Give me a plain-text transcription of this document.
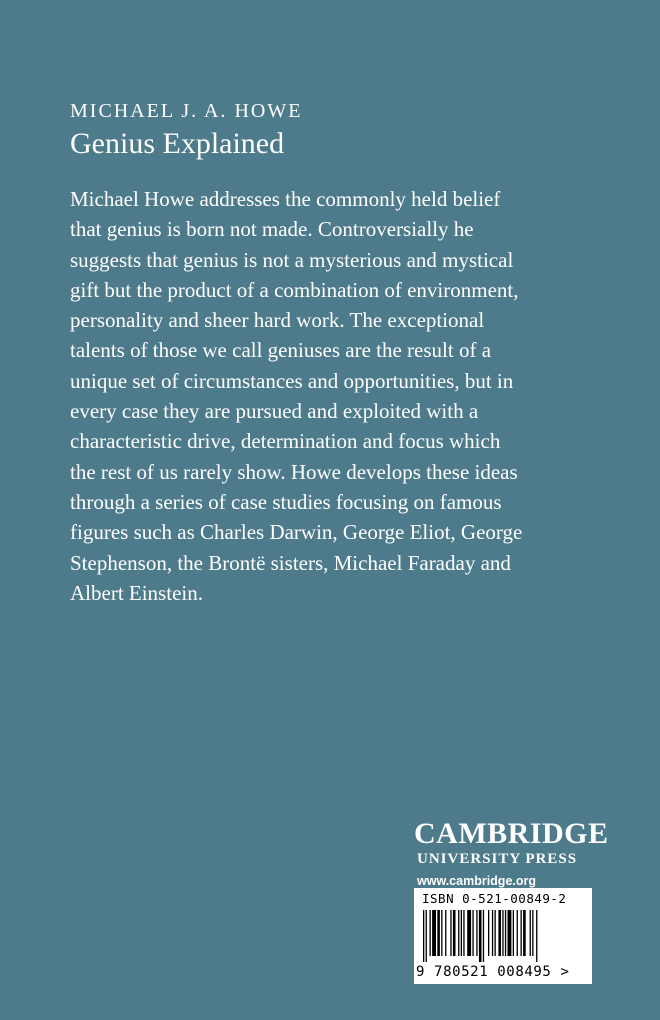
MICHAEL J. A. HOWE
Genius Explained
Michael Howe addresses the commonly held belief
that genius is born not made. Controversially he
suggests that genius is not a mysterious and mystical
gift but the product of a combination of environment,
personality and sheer hard work. The exceptional
talents of those we call geniuses are the result of a
unique set of circumstances and opportunities, but in
every case they are pursued and exploited with a
characteristic drive, determination and focus which
the rest of us rarely show. Howe develops these ideas
through a series of case studies focusing on famous
figures such as Charles Darwin, George Eliot, George
Stephenson, the Brontë sisters, Michael Faraday and
Albert Einstein.
CAMBRIDGE
UNIVERSITY PRESS
www.cambridge.org
ISBN 0-521-00849-2
9 780521 008495 >
